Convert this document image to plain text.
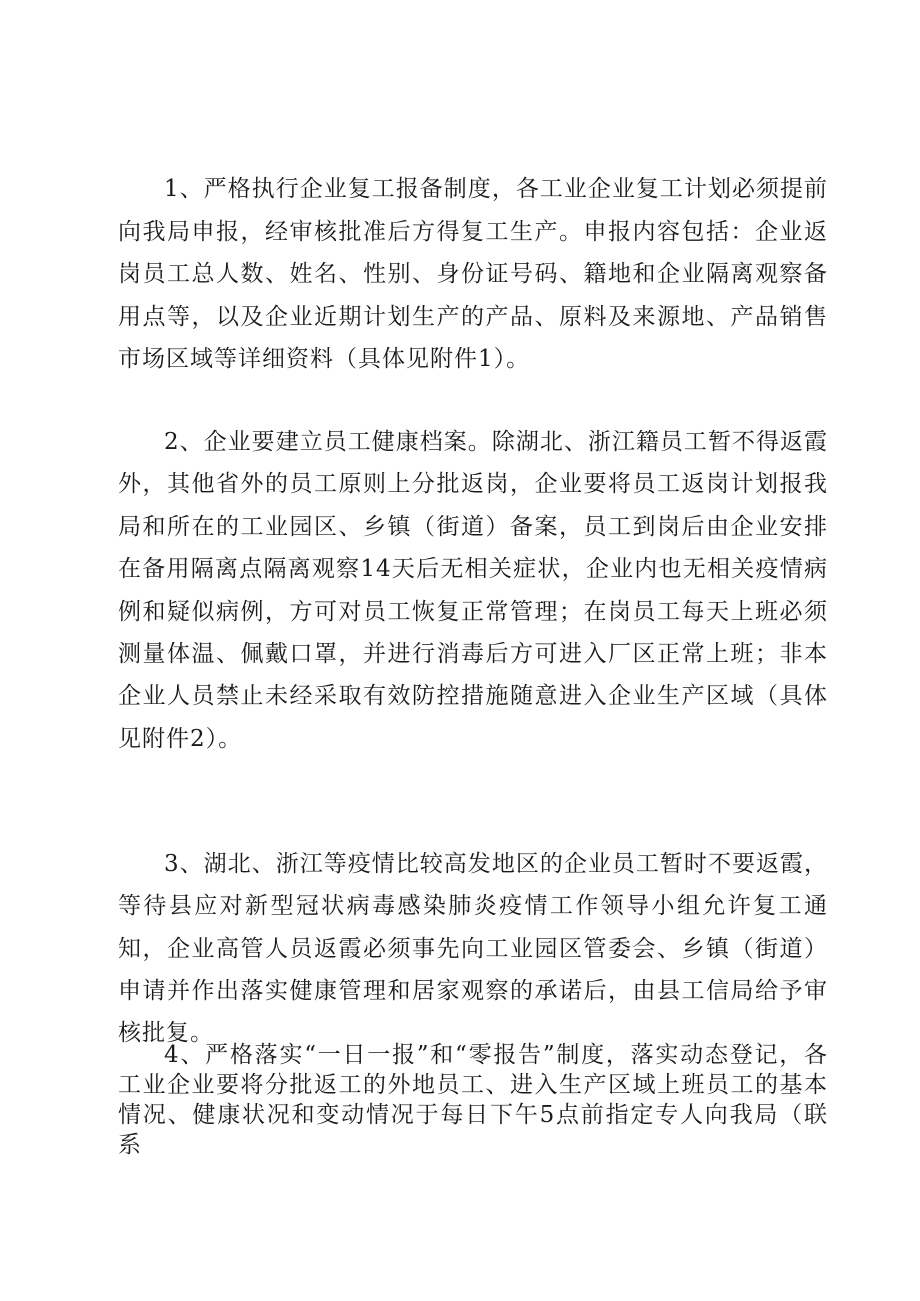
1、严格执行企业复工报备制度，各工业企业复工计划必须提前向我局申报，经审核批准后方得复工生产。申报内容包括：企业返岗员工总人数、姓名、性别、身份证号码、籍地和企业隔离观察备用点等，以及企业近期计划生产的产品、原料及来源地、产品销售市场区域等详细资料（具体见附件1）。

2、企业要建立员工健康档案。除湖北、浙江籍员工暂不得返霞外，其他省外的员工原则上分批返岗，企业要将员工返岗计划报我局和所在的工业园区、乡镇（街道）备案，员工到岗后由企业安排在备用隔离点隔离观察14天后无相关症状，企业内也无相关疫情病例和疑似病例，方可对员工恢复正常管理；在岗员工每天上班必须测量体温、佩戴口罩，并进行消毒后方可进入厂区正常上班；非本企业人员禁止未经采取有效防控措施随意进入企业生产区域（具体见附件2）。

3、湖北、浙江等疫情比较高发地区的企业员工暂时不要返霞，等待县应对新型冠状病毒感染肺炎疫情工作领导小组允许复工通知，企业高管人员返霞必须事先向工业园区管委会、乡镇（街道）申请并作出落实健康管理和居家观察的承诺后，由县工信局给予审核批复。

4、严格落实“一日一报”和“零报告”制度，落实动态登记，各工业企业要将分批返工的外地员工、进入生产区域上班员工的基本情况、健康状况和变动情况于每日下午5点前指定专人向我局（联系
